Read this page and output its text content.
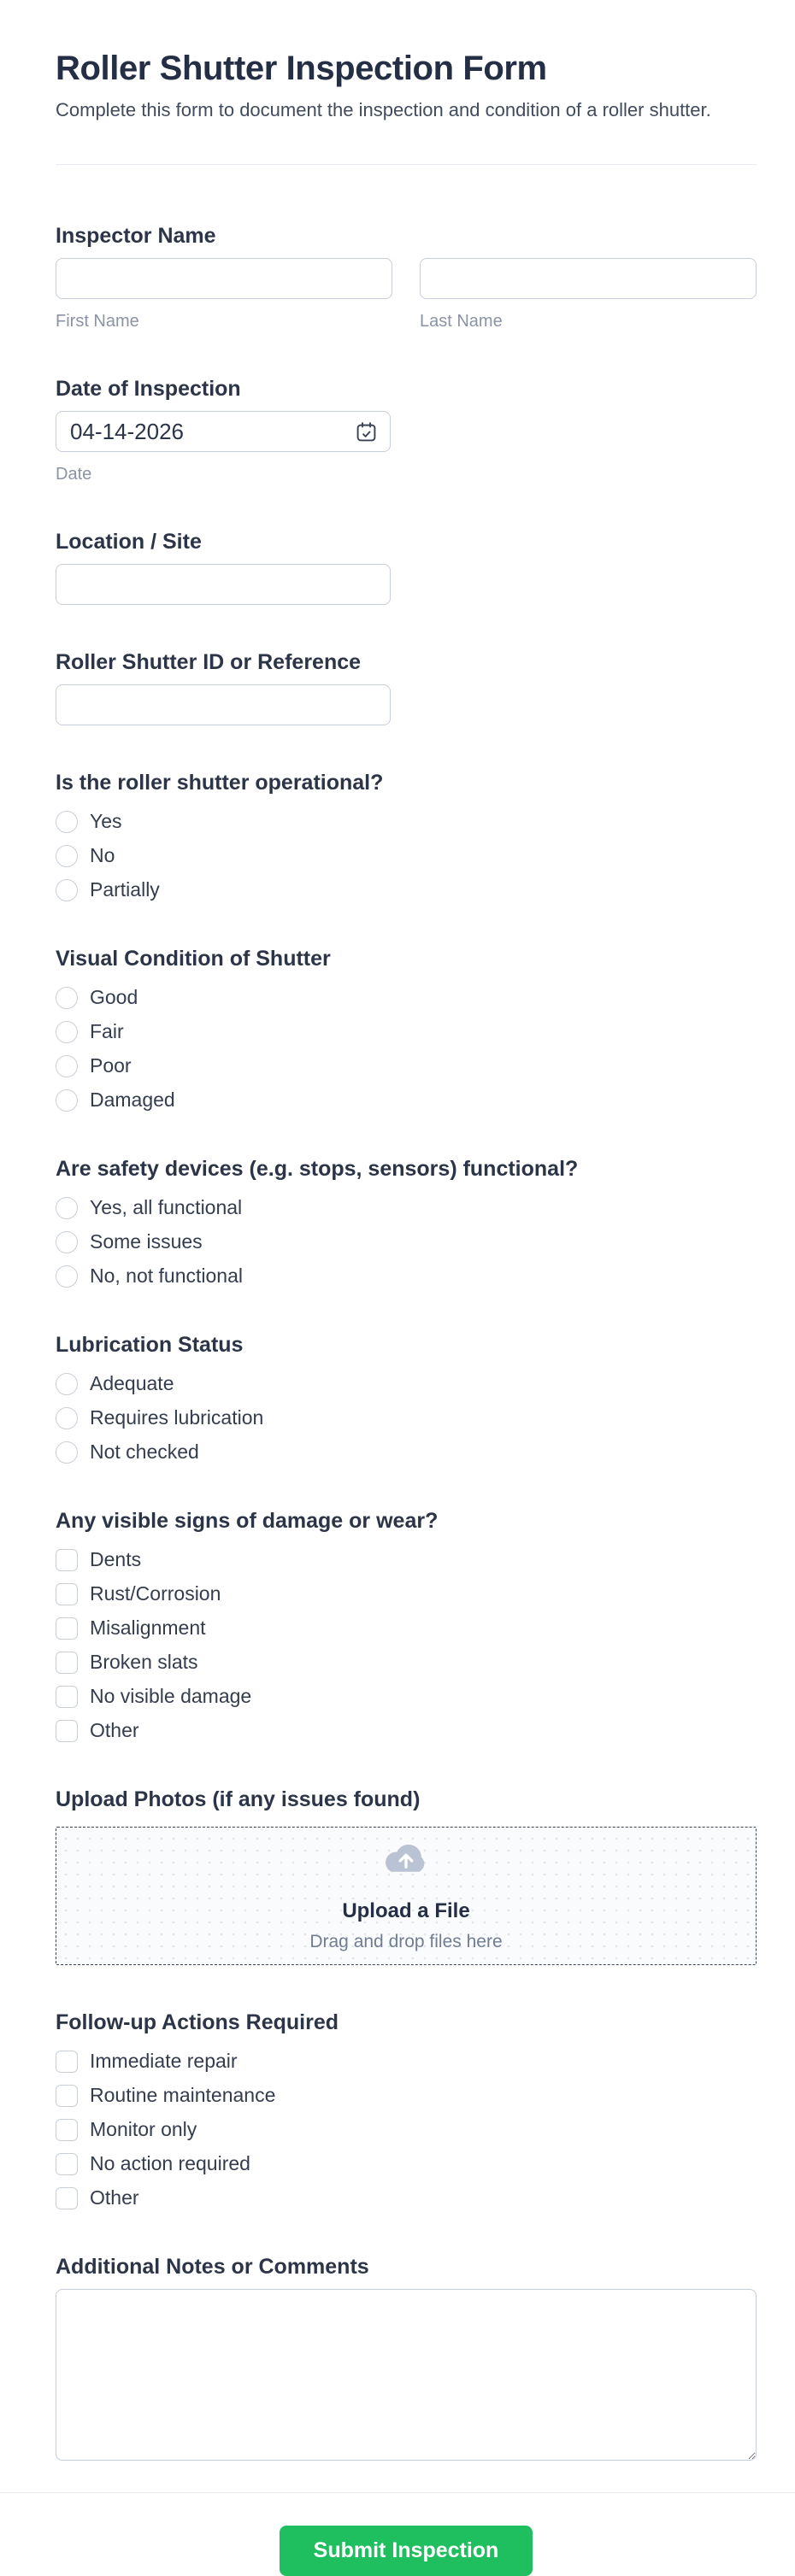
Roller Shutter Inspection Form

Complete this form to document the inspection and condition of a roller shutter.

Inspector Name
First Name	Last Name
Date of Inspection
04-14-2026
Date
Location / Site
Roller Shutter ID or Reference
Is the roller shutter operational?
Yes
No
Partially
Visual Condition of Shutter
Good
Fair
Poor
Damaged
Are safety devices (e.g. stops, sensors) functional?
Yes, all functional
Some issues
No, not functional
Lubrication Status
Adequate
Requires lubrication
Not checked
Any visible signs of damage or wear?
Dents
Rust/Corrosion
Misalignment
Broken slats
No visible damage
Other
Upload Photos (if any issues found)
Upload a File
Drag and drop files here
Follow-up Actions Required
Immediate repair
Routine maintenance
Monitor only
No action required
Other
Additional Notes or Comments
Submit Inspection
